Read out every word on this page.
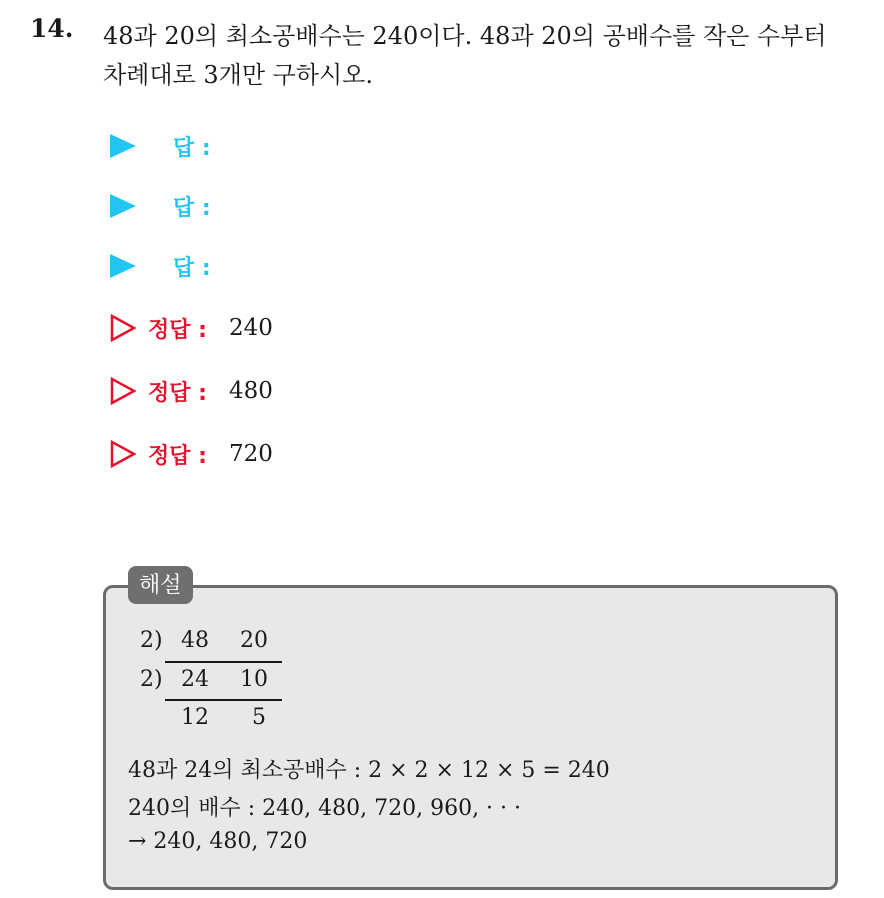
14. 48과 20의 최소공배수는 240이다. 48과 20의 공배수를 작은 수부터
차례대로 3개만 구하시오.
답 :
답 :
답 :
정답 : 240
정답 : 480
정답 : 720
해설
2) 48 20
2) 24 10
12 5
48과 24의 최소공배수 : 2 × 2 × 12 × 5 = 240
240의 배수 : 240, 480, 720, 960, · · ·
→ 240, 480, 720
